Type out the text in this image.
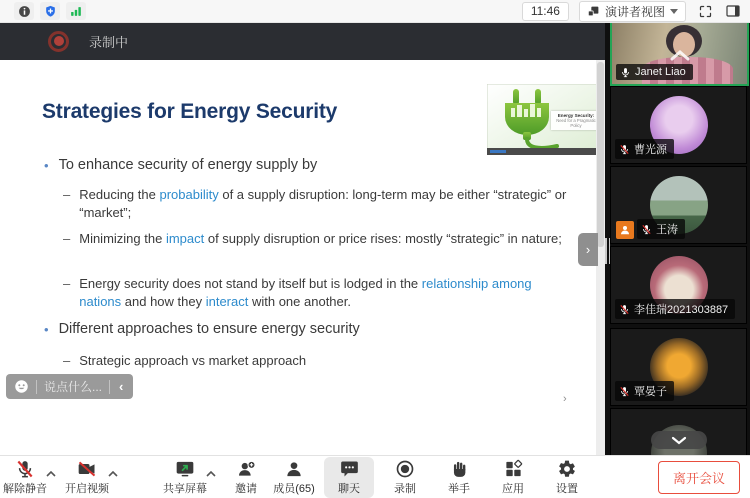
11:46	演讲者视图
录制中
Strategies for Energy Security	Energy Security:
Need for a Pragmatic Policy
• To enhance security of energy supply by
– Reducing the probability of a supply disruption: long-term may be either “strategic” or “market”;
– Minimizing the impact of supply disruption or price rises: mostly “strategic” in nature;
– Energy security does not stand by itself but is lodged in the relationship among nations and how they interact with one another.
• Different approaches to ensure energy security
– Strategic approach vs market approach
说点什么... ‹
›
›
Janet Liao
曹光源
王涛
李佳瑞2021303887
覃晏子
解除静音 开启视频	共享屏幕	邀请 成员(65) 聊天	录制	举手	应用	设置
离开会议
